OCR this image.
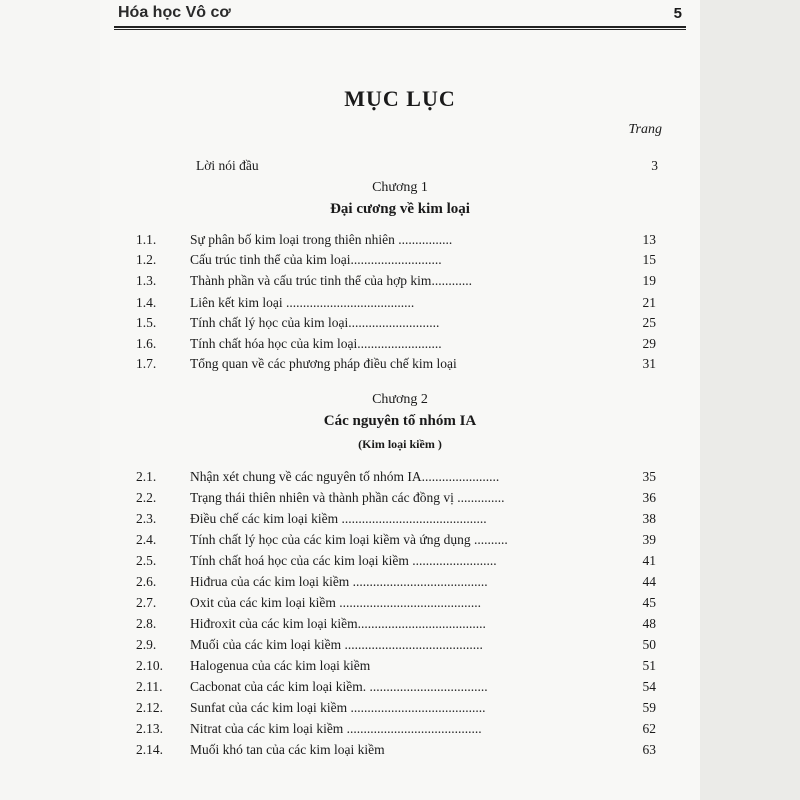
Hóa học Vô cơ	5
MỤC LỤC
Trang
Lời nói đầu	3
Chương 1
Đại cương về kim loại
1.1.	Sự phân bố kim loại trong thiên nhiên ................	13
1.2.	Cấu trúc tinh thể của kim loại...........................	15
1.3.	Thành phần và cấu trúc tinh thể của hợp kim............	19
1.4.	Liên kết kim loại ......................................	21
1.5.	Tính chất lý học của kim loại...........................	25
1.6.	Tính chất hóa học của kim loại.........................	29
1.7.	Tổng quan về các phương pháp điều chế kim loại	31
Chương 2
Các nguyên tố nhóm IA
(Kim loại kiềm )
2.1.	Nhận xét chung về các nguyên tố nhóm IA.......................	35
2.2.	Trạng thái thiên nhiên và thành phần các đồng vị ..............	36
2.3.	Điều chế các kim loại kiềm ...........................................	38
2.4.	Tính chất lý học của các kim loại kiềm và ứng dụng ..........	39
2.5.	Tính chất hoá học của các kim loại kiềm .........................	41
2.6.	Hiđrua của các kim loại kiềm ........................................	44
2.7.	Oxit của các kim loại kiềm ..........................................	45
2.8.	Hiđroxit của các kim loại kiềm......................................	48
2.9.	Muối của các kim loại kiềm .........................................	50
2.10. Halogenua của các kim loại kiềm	51
2.11. Cacbonat của các kim loại kiềm. ...................................	54
2.12. Sunfat của các kim loại kiềm ........................................	59
2.13. Nitrat của các kim loại kiềm ........................................	62
2.14. Muối khó tan của các kim loại kiềm	63
